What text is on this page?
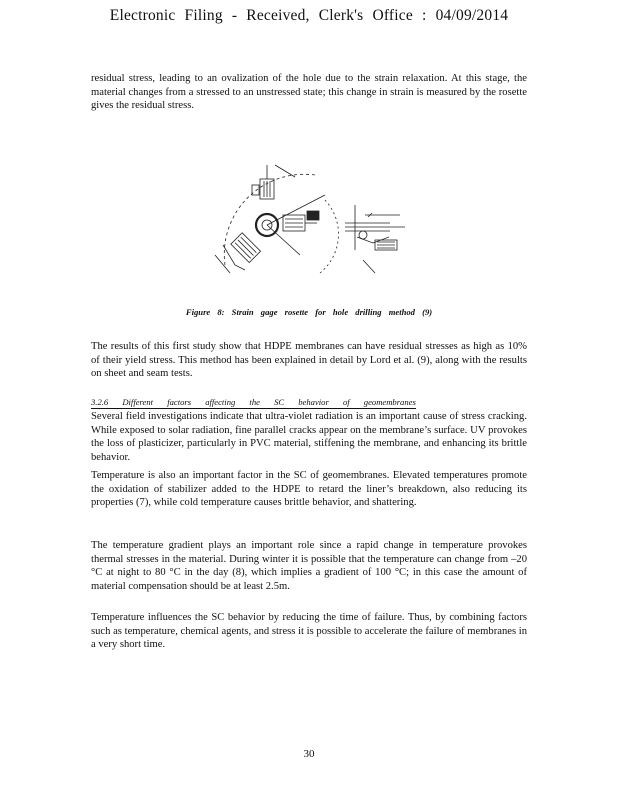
Electronic Filing - Received, Clerk's Office : 04/09/2014

residual stress, leading to an ovalization of the hole due to the strain relaxation. At this stage, the material changes from a stressed to an unstressed state; this change in strain is measured by the rosette gives the residual stress.

Figure 8: Strain gage rosette for hole drilling method (9)

The results of this first study show that HDPE membranes can have residual stresses as high as 10% of their yield stress. This method has been explained in detail by Lord et al. (9), along with the results on sheet and seam tests.

3.2.6 Different factors affecting the SC behavior of geomembranes

Several field investigations indicate that ultra-violet radiation is an important cause of stress cracking. While exposed to solar radiation, fine parallel cracks appear on the membrane’s surface. UV provokes the loss of plasticizer, particularly in PVC material, stiffening the membrane, and enhancing its brittle behavior.

Temperature is also an important factor in the SC of geomembranes. Elevated temperatures promote the oxidation of stabilizer added to the HDPE to retard the liner’s breakdown, also reducing its properties (7), while cold temperature causes brittle behavior, and shattering.

The temperature gradient plays an important role since a rapid change in temperature provokes thermal stresses in the material. During winter it is possible that the temperature can change from –20 °C at night to 80 °C in the day (8), which implies a gradient of 100 °C; in this case the amount of material compensation should be at least 2.5m.

Temperature influences the SC behavior by reducing the time of failure. Thus, by combining factors such as temperature, chemical agents, and stress it is possible to accelerate the failure of membranes in a very short time.

30
